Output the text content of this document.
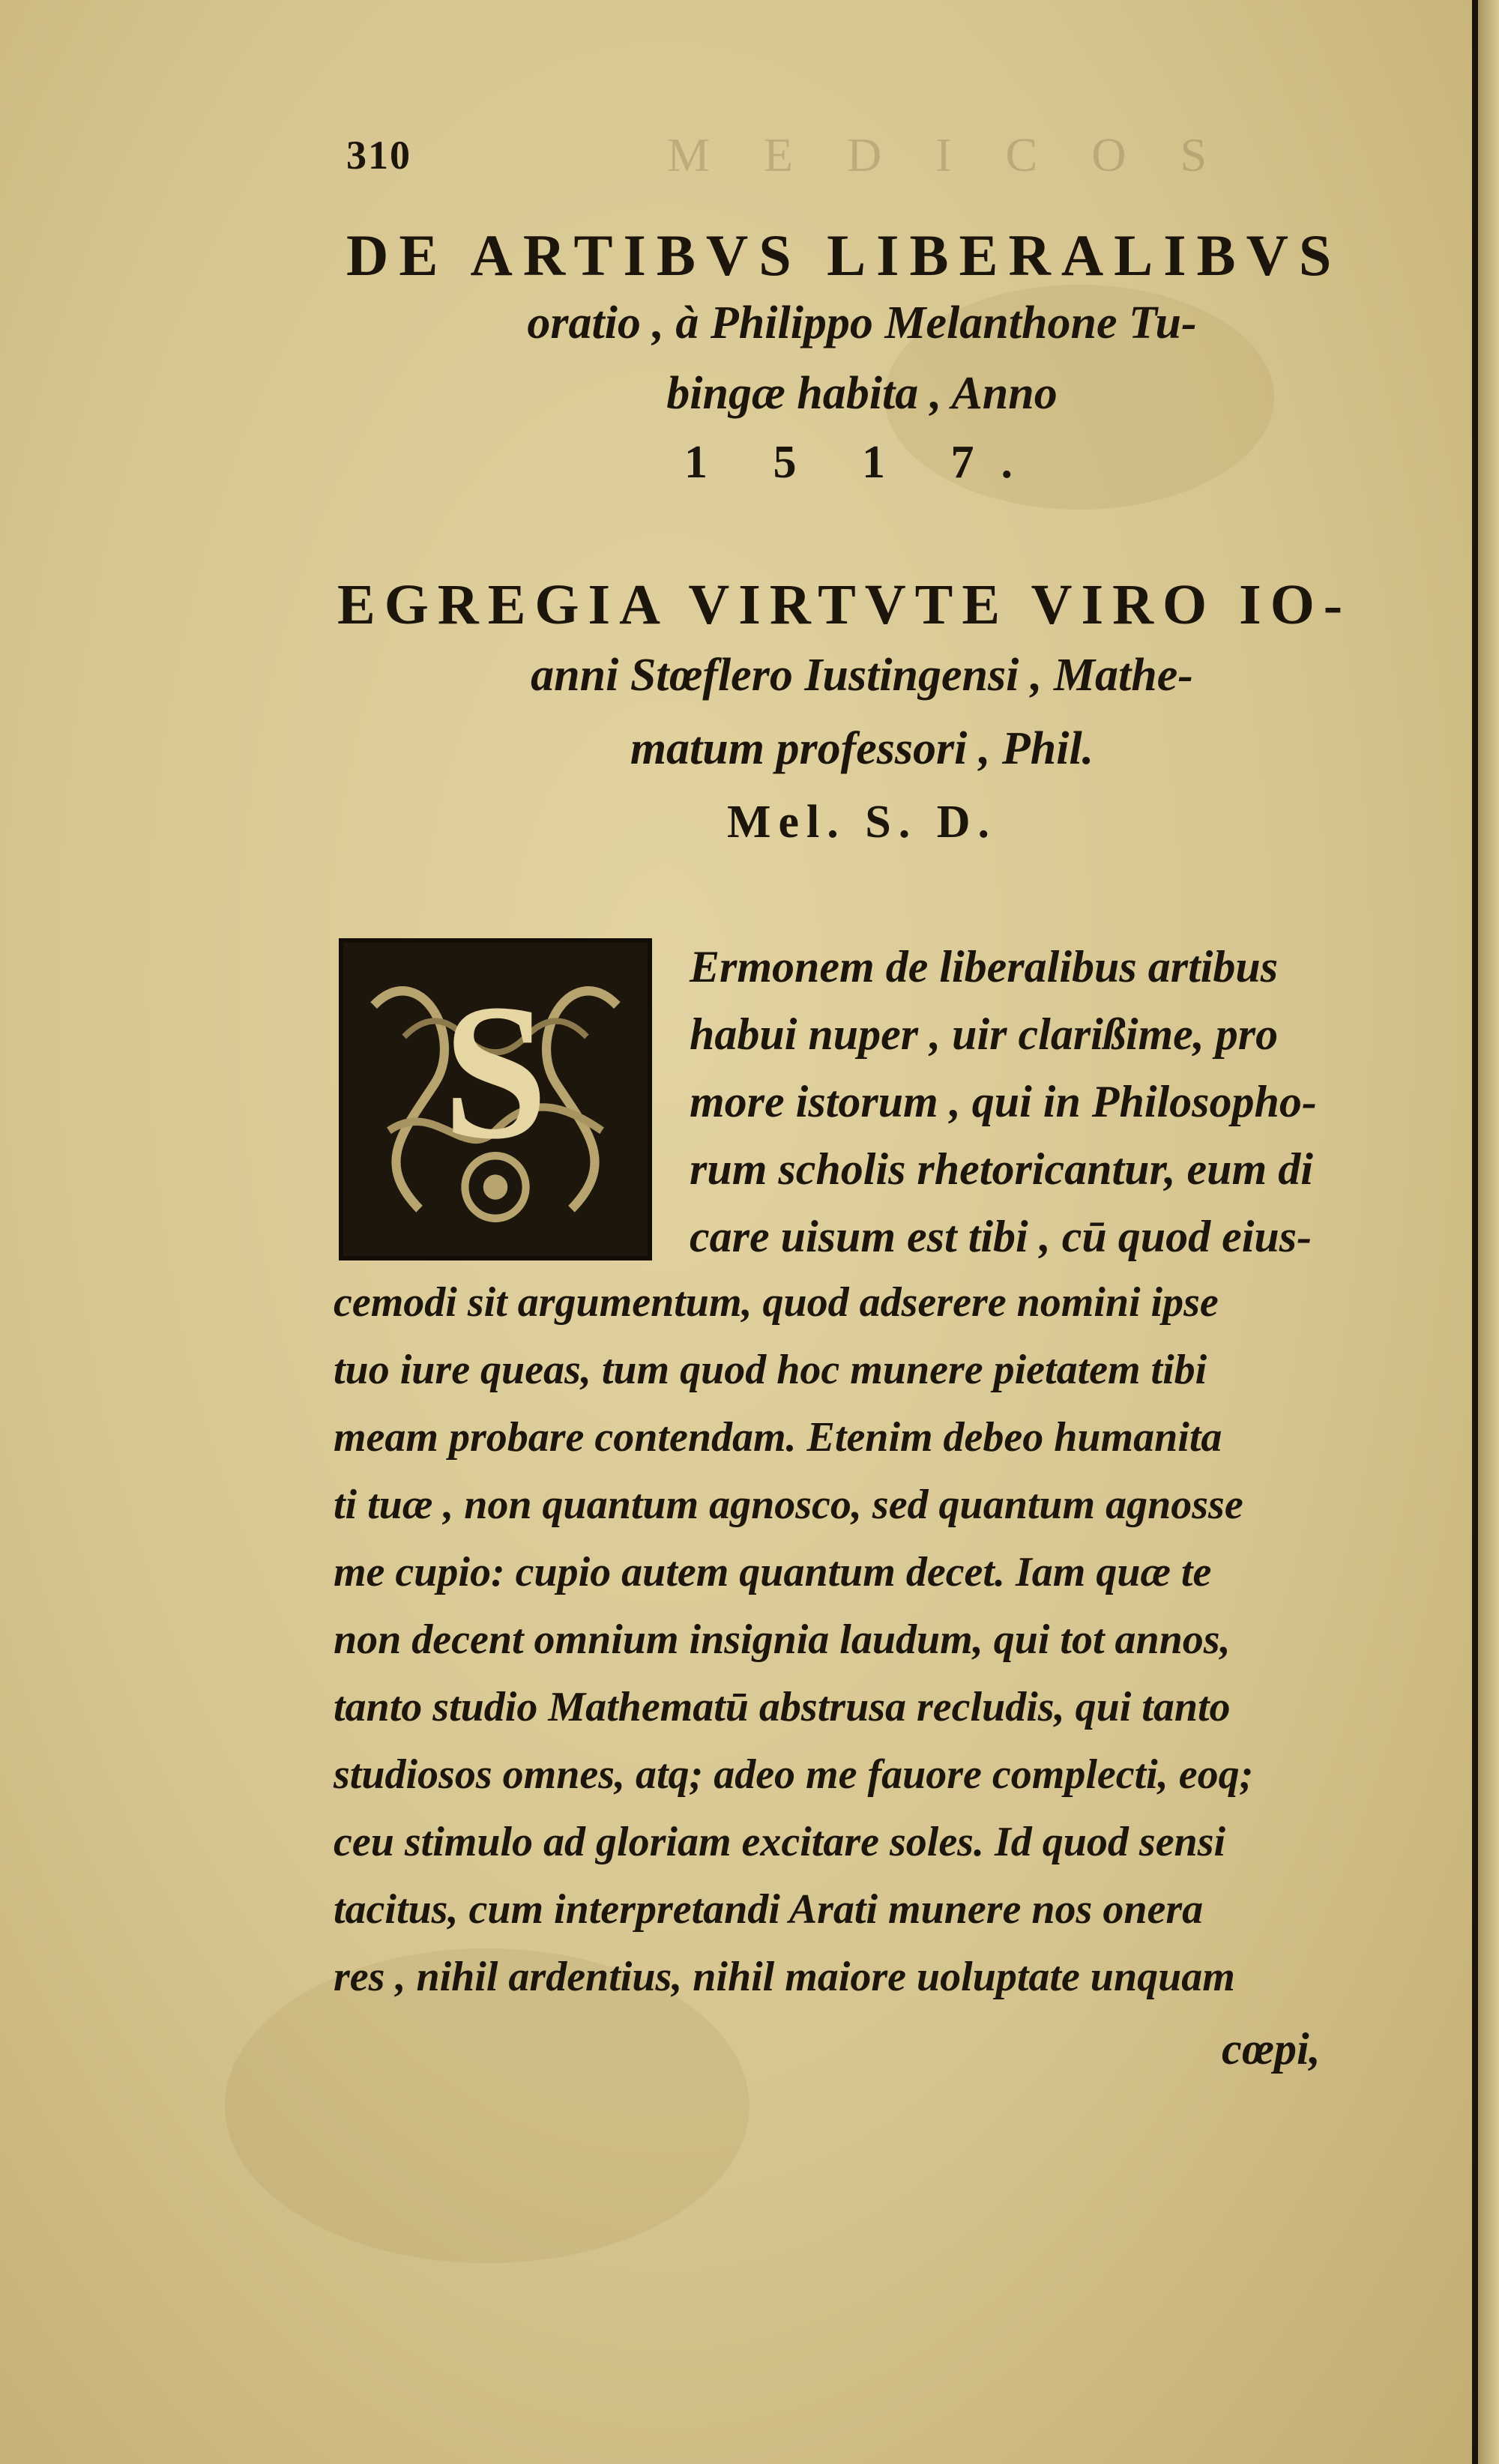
M E D I C O S

310

DE ARTIBVS LIBERALIBVS

oratio , à Philippo Melanthone Tu-

bingæ habita , Anno

1 5 1 7.

EGREGIA VIRTVTE VIRO IO-

anni Stœflero Iustingensi , Mathe-

matum professori , Phil.

Mel. S. D.

S	Ermonem de liberalibus artibus

habui nuper , uir clarißime, pro

more istorum , qui in Philosopho-

rum scholis rhetoricantur, eum di

care uisum est tibi , cū quod eius-

cemodi sit argumentum, quod adserere nomini ipse

tuo iure queas, tum quod hoc munere pietatem tibi

meam probare contendam. Etenim debeo humanita

ti tuæ , non quantum agnosco, sed quantum agnosse

me cupio: cupio autem quantum decet. Iam quæ te

non decent omnium insignia laudum, qui tot annos,

tanto studio Mathematū abstrusa recludis, qui tanto

studiosos omnes, atq; adeo me fauore complecti, eoq;

ceu stimulo ad gloriam excitare soles. Id quod sensi

tacitus, cum interpretandi Arati munere nos onera

res , nihil ardentius, nihil maiore uoluptate unquam

cœpi,
